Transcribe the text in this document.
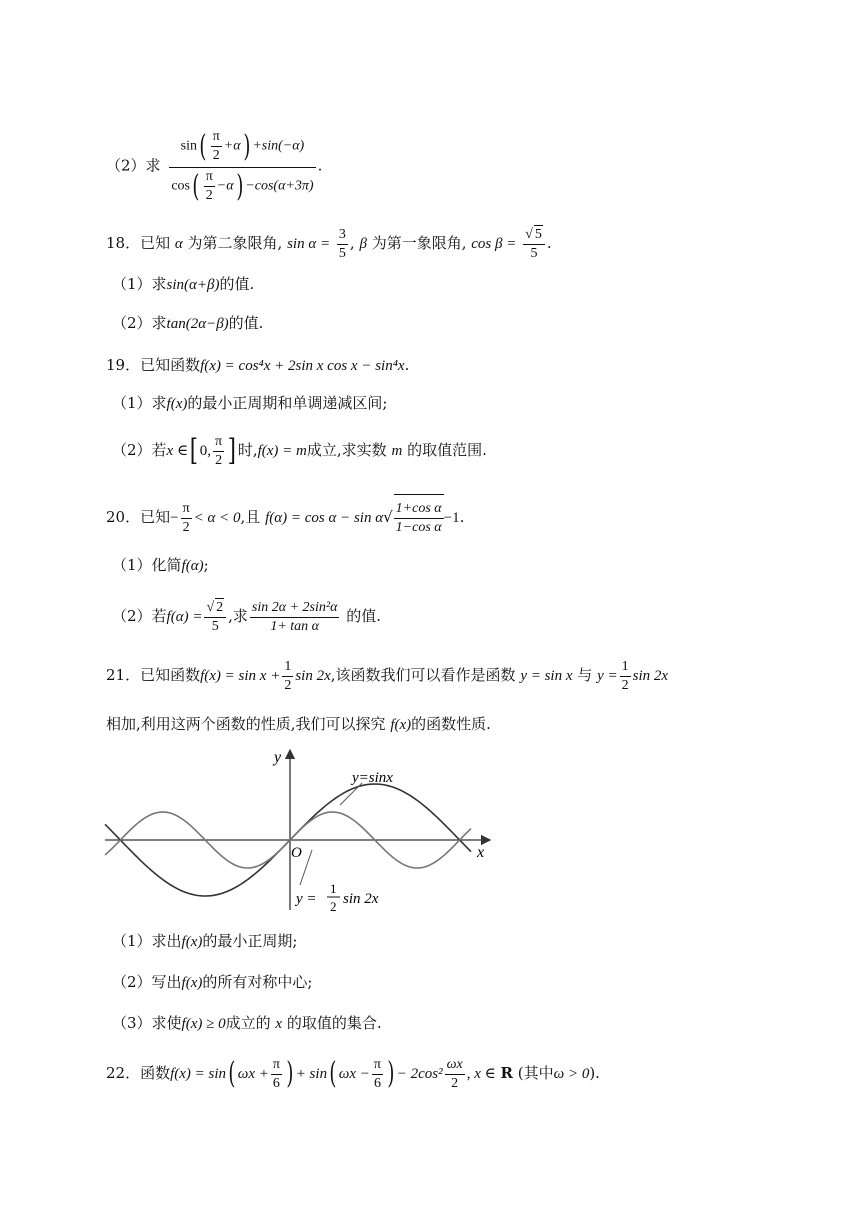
（2）求 $\frac{\sin( \frac{\pi}{2} +\alpha) +\sin(-\alpha)}{\cos( \frac{\pi}{2} -\alpha) -\cos(\alpha+3\pi)}$ .
18．已知 α 为第二象限角, $\sin \alpha = \frac{3}{5}$ , β 为第一象限角, $\cos \beta = \frac{√ 5}{5}$ .
（1）求sin(α+β)的值.
（2）求tan(2α−β)的值.
19．已知函数f(x) = cos⁴x + 2sin x cos x − sin⁴x.
（1）求f(x)的最小正周期和单调递减区间;
（2）若x ∈[ 0, $\frac{\pi}{2}$ ] 时,f(x) = m成立,求实数 m 的取值范围.
20．已知− $\frac{\pi}{2} < \alpha < 0$,且 $f(\alpha) = \cos \alpha - \sin \alpha√ \frac{\text{1+cos α}}{\text{1−cos α}} -1$.
（1）化简f(α);
（2）若$f(\alpha) = \frac{√ 2}{5}$ ,求 $\frac{\text{sin 2α + 2sin²α}}{\text{1+ tan α}}$ 的值.
21．已知函数$f(x) = \sin x + \frac{1}{2}$ sin 2x,该函数我们可以看作是函数 y = sin x 与 $y = \frac{1}{2}$ sin 2x
相加,利用这两个函数的性质,我们可以探究 f(x)的函数性质.
y
x
O
y=sinx
y =
1
2 sin 2x
（1）求出f(x)的最小正周期;
（2）写出f(x)的所有对称中心;
（3）求使f(x) ≥ 0成立的 x 的取值的集合.
22．函数f(x) = sin( $\omega x + \frac{\pi}{6}$ ) + sin( $\omega x - \frac{\pi}{6}$ ) − $2\cos^2 \frac{\omega x}{2}$ , x ∈ R (其中ω > 0).
